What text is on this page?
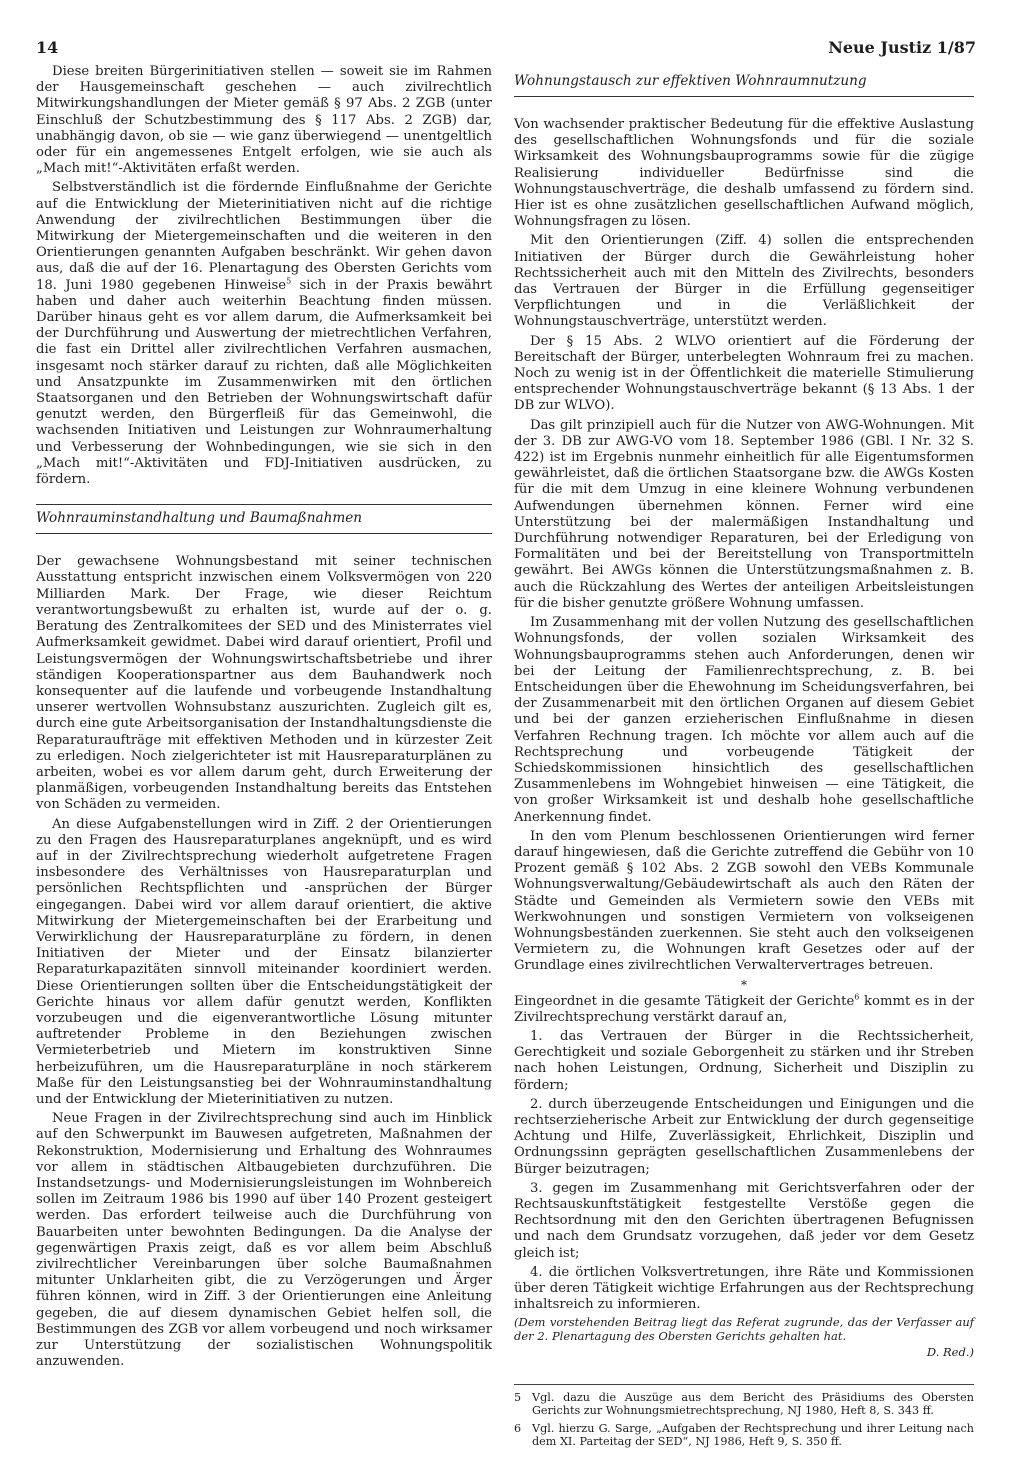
14	Neue Justiz 1/87

Diese breiten Bürgerinitiativen stellen — soweit sie im Rahmen der Hausgemeinschaft geschehen — auch zivilrechtlich Mitwirkungshandlungen der Mieter gemäß § 97 Abs. 2 ZGB (unter Einschluß der Schutzbestimmung des § 117 Abs. 2 ZGB) dar, unabhängig davon, ob sie — wie ganz überwiegend — unentgeltlich oder für ein angemessenes Entgelt erfolgen, wie sie auch als „Mach mit!“-Aktivitäten erfaßt werden.

Selbstverständlich ist die fördernde Einflußnahme der Gerichte auf die Entwicklung der Mieterinitiativen nicht auf die richtige Anwendung der zivilrechtlichen Bestimmungen über die Mitwirkung der Mietergemeinschaften und die weiteren in den Orientierungen genannten Aufgaben beschränkt. Wir gehen davon aus, daß die auf der 16. Plenartagung des Obersten Gerichts vom 18. Juni 1980 gegebenen Hinweise$^5$ sich in der Praxis bewährt haben und daher auch weiterhin Beachtung finden müssen. Darüber hinaus geht es vor allem darum, die Aufmerksamkeit bei der Durchführung und Auswertung der mietrechtlichen Verfahren, die fast ein Drittel aller zivilrechtlichen Verfahren ausmachen, insgesamt noch stärker darauf zu richten, daß alle Möglichkeiten und Ansatzpunkte im Zusammenwirken mit den örtlichen Staatsorganen und den Betrieben der Wohnungswirtschaft dafür genutzt werden, den Bürgerfleiß für das Gemeinwohl, die wachsenden Initiativen und Leistungen zur Wohnraumerhaltung und Verbesserung der Wohnbedingungen, wie sie sich in den „Mach mit!“-Aktivitäten und FDJ-Initiativen ausdrücken, zu fördern.

Wohnrauminstandhaltung und Baumaßnahmen

Der gewachsene Wohnungsbestand mit seiner technischen Ausstattung entspricht inzwischen einem Volksvermögen von 220 Milliarden Mark. Der Frage, wie dieser Reichtum verantwortungsbewußt zu erhalten ist, wurde auf der o. g. Beratung des Zentralkomitees der SED und des Ministerrates viel Aufmerksamkeit gewidmet. Dabei wird darauf orientiert, Profil und Leistungsvermögen der Wohnungswirtschaftsbetriebe und ihrer ständigen Kooperationspartner aus dem Bauhandwerk noch konsequenter auf die laufende und vorbeugende Instandhaltung unserer wertvollen Wohnsubstanz auszurichten. Zugleich gilt es, durch eine gute Arbeitsorganisation der Instandhaltungsdienste die Reparaturaufträge mit effektiven Methoden und in kürzester Zeit zu erledigen. Noch zielgerichteter ist mit Hausreparaturplänen zu arbeiten, wobei es vor allem darum geht, durch Erweiterung der planmäßigen, vorbeugenden Instandhaltung bereits das Entstehen von Schäden zu vermeiden.

An diese Aufgabenstellungen wird in Ziff. 2 der Orientierungen zu den Fragen des Hausreparaturplanes angeknüpft, und es wird auf in der Zivilrechtsprechung wiederholt aufgetretene Fragen insbesondere des Verhältnisses von Hausreparaturplan und persönlichen Rechtspflichten und -ansprüchen der Bürger eingegangen. Dabei wird vor allem darauf orientiert, die aktive Mitwirkung der Mietergemeinschaften bei der Erarbeitung und Verwirklichung der Hausreparaturpläne zu fördern, in denen Initiativen der Mieter und der Einsatz bilanzierter Reparaturkapazitäten sinnvoll miteinander koordiniert werden. Diese Orientierungen sollten über die Entscheidungstätigkeit der Gerichte hinaus vor allem dafür genutzt werden, Konflikten vorzubeugen und die eigenverantwortliche Lösung mitunter auftretender Probleme in den Beziehungen zwischen Vermieterbetrieb und Mietern im konstruktiven Sinne herbeizuführen, um die Hausreparaturpläne in noch stärkerem Maße für den Leistungsanstieg bei der Wohnrauminstandhaltung und der Entwicklung der Mieterinitiativen zu nutzen.

Neue Fragen in der Zivilrechtsprechung sind auch im Hinblick auf den Schwerpunkt im Bauwesen aufgetreten, Maßnahmen der Rekonstruktion, Modernisierung und Erhaltung des Wohnraumes vor allem in städtischen Altbaugebieten durchzuführen. Die Instandsetzungs- und Modernisierungsleistungen im Wohnbereich sollen im Zeitraum 1986 bis 1990 auf über 140 Prozent gesteigert werden. Das erfordert teilweise auch die Durchführung von Bauarbeiten unter bewohnten Bedingungen. Da die Analyse der gegenwärtigen Praxis zeigt, daß es vor allem beim Abschluß zivilrechtlicher Vereinbarungen über solche Baumaßnahmen mitunter Unklarheiten gibt, die zu Verzögerungen und Ärger führen können, wird in Ziff. 3 der Orientierungen eine Anleitung gegeben, die auf diesem dynamischen Gebiet helfen soll, die Bestimmungen des ZGB vor allem vorbeugend und noch wirksamer zur Unterstützung der sozialistischen Wohnungspolitik anzuwenden.

Wohnungstausch zur effektiven Wohnraumnutzung

Von wachsender praktischer Bedeutung für die effektive Auslastung des gesellschaftlichen Wohnungsfonds und für die soziale Wirksamkeit des Wohnungsbauprogramms sowie für die zügige Realisierung individueller Bedürfnisse sind die Wohnungstauschverträge, die deshalb umfassend zu fördern sind. Hier ist es ohne zusätzlichen gesellschaftlichen Aufwand möglich, Wohnungsfragen zu lösen.

Mit den Orientierungen (Ziff. 4) sollen die entsprechenden Initiativen der Bürger durch die Gewährleistung hoher Rechtssicherheit auch mit den Mitteln des Zivilrechts, besonders das Vertrauen der Bürger in die Erfüllung gegenseitiger Verpflichtungen und in die Verläßlichkeit der Wohnungstauschverträge, unterstützt werden.

Der § 15 Abs. 2 WLVO orientiert auf die Förderung der Bereitschaft der Bürger, unterbelegten Wohnraum frei zu machen. Noch zu wenig ist in der Öffentlichkeit die materielle Stimulierung entsprechender Wohnungstauschverträge bekannt (§ 13 Abs. 1 der DB zur WLVO).

Das gilt prinzipiell auch für die Nutzer von AWG-Wohnungen. Mit der 3. DB zur AWG-VO vom 18. September 1986 (GBl. I Nr. 32 S. 422) ist im Ergebnis nunmehr einheitlich für alle Eigentumsformen gewährleistet, daß die örtlichen Staatsorgane bzw. die AWGs Kosten für die mit dem Umzug in eine kleinere Wohnung verbundenen Aufwendungen übernehmen können. Ferner wird eine Unterstützung bei der malermäßigen Instandhaltung und Durchführung notwendiger Reparaturen, bei der Erledigung von Formalitäten und bei der Bereitstellung von Transportmitteln gewährt. Bei AWGs können die Unterstützungsmaßnahmen z. B. auch die Rückzahlung des Wertes der anteiligen Arbeitsleistungen für die bisher genutzte größere Wohnung umfassen.

Im Zusammenhang mit der vollen Nutzung des gesellschaftlichen Wohnungsfonds, der vollen sozialen Wirksamkeit des Wohnungsbauprogramms stehen auch Anforderungen, denen wir bei der Leitung der Familienrechtsprechung, z. B. bei Entscheidungen über die Ehewohnung im Scheidungsverfahren, bei der Zusammenarbeit mit den örtlichen Organen auf diesem Gebiet und bei der ganzen erzieherischen Einflußnahme in diesen Verfahren Rechnung tragen. Ich möchte vor allem auch auf die Rechtsprechung und vorbeugende Tätigkeit der Schiedskommissionen hinsichtlich des gesellschaftlichen Zusammenlebens im Wohngebiet hinweisen — eine Tätigkeit, die von großer Wirksamkeit ist und deshalb hohe gesellschaftliche Anerkennung findet.

In den vom Plenum beschlossenen Orientierungen wird ferner darauf hingewiesen, daß die Gerichte zutreffend die Gebühr von 10 Prozent gemäß § 102 Abs. 2 ZGB sowohl den VEBs Kommunale Wohnungsverwaltung/Gebäudewirtschaft als auch den Räten der Städte und Gemeinden als Vermietern sowie den VEBs mit Werkwohnungen und sonstigen Vermietern von volkseigenen Wohnungsbeständen zuerkennen. Sie steht auch den volkseigenen Vermietern zu, die Wohnungen kraft Gesetzes oder auf der Grundlage eines zivilrechtlichen Verwaltervertrages betreuen.

*

Eingeordnet in die gesamte Tätigkeit der Gerichte$^6$ kommt es in der Zivilrechtsprechung verstärkt darauf an,

1. das Vertrauen der Bürger in die Rechtssicherheit, Gerechtigkeit und soziale Geborgenheit zu stärken und ihr Streben nach hohen Leistungen, Ordnung, Sicherheit und Disziplin zu fördern;

2. durch überzeugende Entscheidungen und Einigungen und die rechtserzieherische Arbeit zur Entwicklung der durch gegenseitige Achtung und Hilfe, Zuverlässigkeit, Ehrlichkeit, Disziplin und Ordnungssinn geprägten gesellschaftlichen Zusammenlebens der Bürger beizutragen;

3. gegen im Zusammenhang mit Gerichtsverfahren oder der Rechtsauskunftstätigkeit festgestellte Verstöße gegen die Rechtsordnung mit den den Gerichten übertragenen Befugnissen und nach dem Grundsatz vorzugehen, daß jeder vor dem Gesetz gleich ist;

4. die örtlichen Volksvertretungen, ihre Räte und Kommissionen über deren Tätigkeit wichtige Erfahrungen aus der Rechtsprechung inhaltsreich zu informieren.

(Dem vorstehenden Beitrag liegt das Referat zugrunde, das der Verfasser auf der 2. Plenartagung des Obersten Gerichts gehalten hat.

D. Red.)
5 Vgl. dazu die Auszüge aus dem Bericht des Präsidiums des Obersten Gerichts zur Wohnungsmietrechtsprechung, NJ 1980, Heft 8, S. 343 ff.
6 Vgl. hierzu G. Sarge, „Aufgaben der Rechtsprechung und ihrer Leitung nach dem XI. Parteitag der SED“, NJ 1986, Heft 9, S. 350 ff.
